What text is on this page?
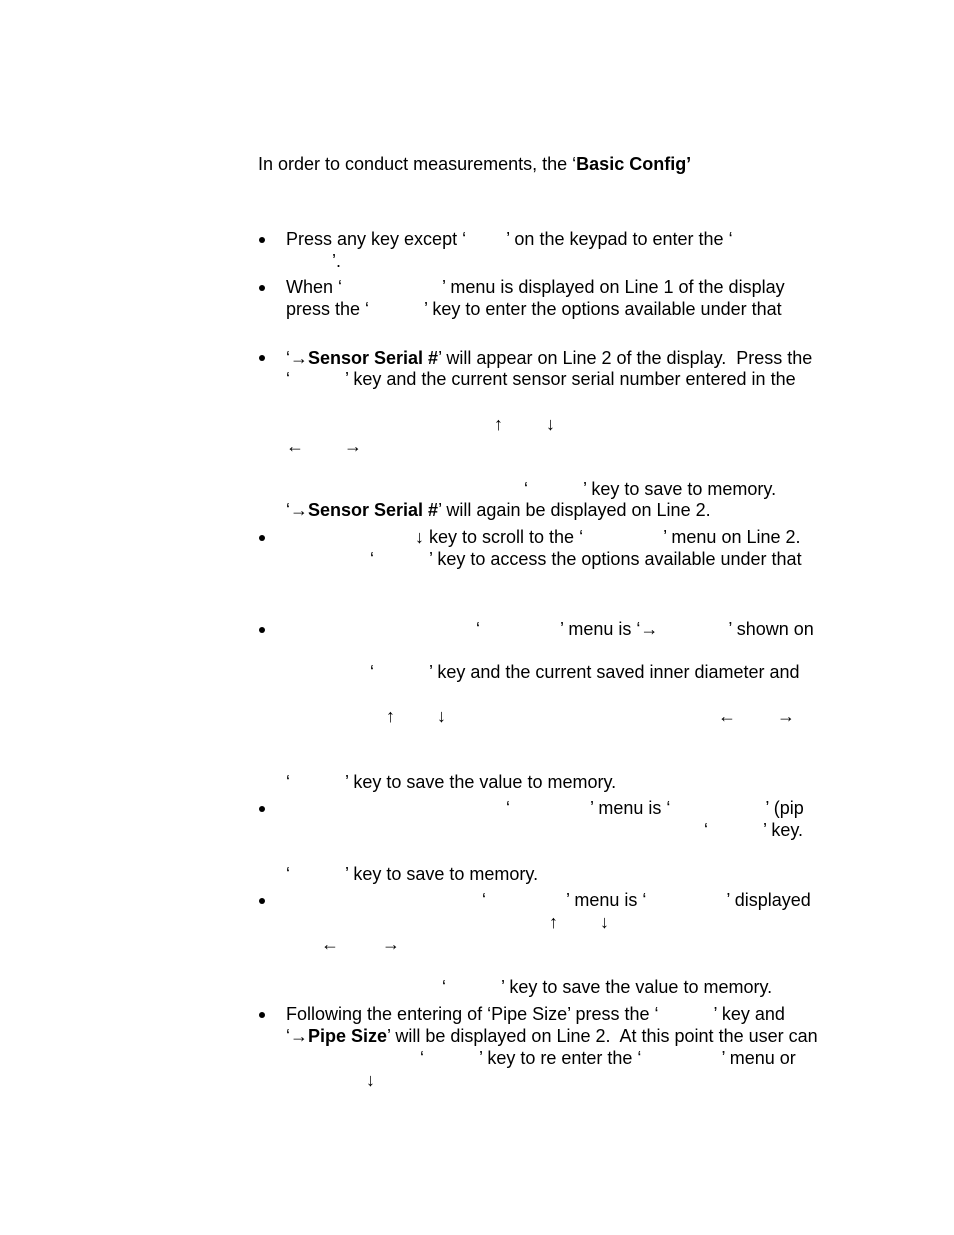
In order to conduct measurements, the ‘Basic Config’
Press any key except ‘        ’ on the keypad to enter the ‘
’.
When ‘                    ’ menu is displayed on Line 1 of the display
press the ‘           ’ key to enter the options available under that
‘→Sensor Serial #’ will appear on Line 2 of the display.  Press the
‘           ’ key and the current sensor serial number entered in the
↑ ↓
← →
‘           ’ key to save to memory.
‘→Sensor Serial #’ will again be displayed on Line 2.
↓ key to scroll to the ‘                ’ menu on Line 2.
‘           ’ key to access the options available under that
‘                ’ menu is ‘→              ’ shown on
‘           ’ key and the current saved inner diameter and
↑ ↓	← →
‘           ’ key to save the value to memory.
‘                ’ menu is ‘                   ’ (pip
‘           ’ key.
‘           ’ key to save to memory.
‘                ’ menu is ‘                ’ displayed
↑ ↓
← →
‘           ’ key to save the value to memory.
Following the entering of ‘Pipe Size’ press the ‘           ’ key and
‘→Pipe Size’ will be displayed on Line 2.  At this point the user can
‘           ’ key to re enter the ‘                ’ menu or
↓
